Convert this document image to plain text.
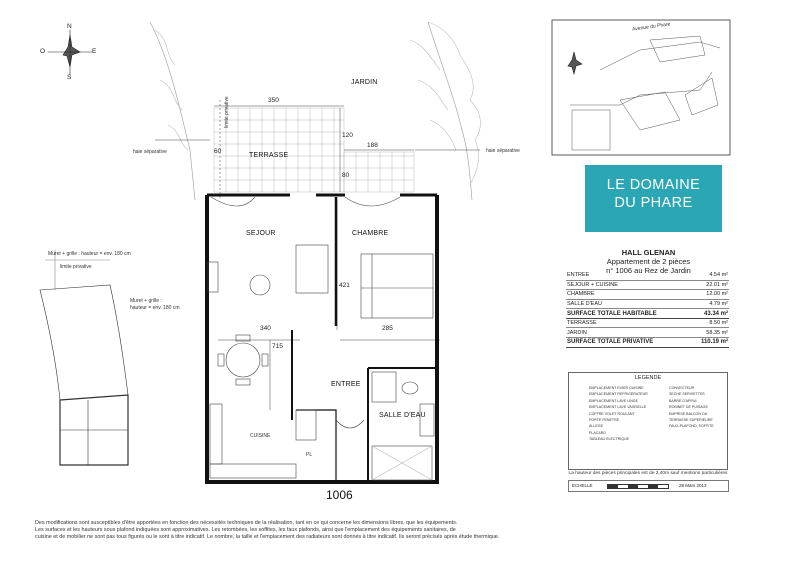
JARDIN
TERRASSE
SEJOUR	CHAMBRE
ENTREE
SALLE D'EAU
CUISINE
PL
haie séparative	haie séparative
limite privative	350
188
120
80
60
340	285
421
715
1006
N
S
E
O
Muret + grille : hauteur = env. 180 cm
limite privative
Muret + grille :
hauteur = env. 180 cm
Avenue du Phare
LE DOMAINE
DU PHARE
HALL GLENAN
Appartement de 2 pièces
n° 1006 au Rez de Jardin
ENTREE	4.54 m²
SEJOUR + CUISINE	22.01 m²
CHAMBRE	12.00 m²
SALLE D'EAU	4.79 m²
SURFACE TOTALE HABITABLE	43.34 m²
TERRASSE	8.50 m²
JARDIN	58.35 m²
SURFACE TOTALE PRIVATIVE	110.19 m²
LEGENDE
EMPLACEMENT EVIER CUISINE
EMPLACEMENT REFRIGERATEUR
EMPLACEMENT LAVE LINGE
EMPLACEMENT LAVE VAISSELLE
COFFRE VOLET ROULANT
PORTE FENETRE
ALLEGE
PLACARD
TABLEAU ELECTRIQUE
CONVECTEUR
SECHE SERVIETTES
BARRE D'APPUI
ROBINET DE PUISAGE
EMPRISE BALCON OU TERRASSE SUPERIEURE
FAUX-PLAFOND, SOFFITE
La hauteur des pièces principales est de 2,40m sauf mentions particulières
ECHELLE	28 Mars 2013
Des modifications sont susceptibles d'être apportées en fonction des nécessités techniques de la réalisation, tant en ce qui concerne les dimensions libres, que les équipements.
Les surfaces et les hauteurs sous plafond indiquées sont approximatives. Les retombées, les soffites, les faux plafonds, ainsi que l'emplacement des équipements sanitaires, de
cuisine et de mobilier ne sont pas tous figurés ou le sont à titre indicatif. Le nombre, la taille et l'emplacement des radiateurs sont donnés à titre indicatif. Ils seront précisés après étude thermique.
